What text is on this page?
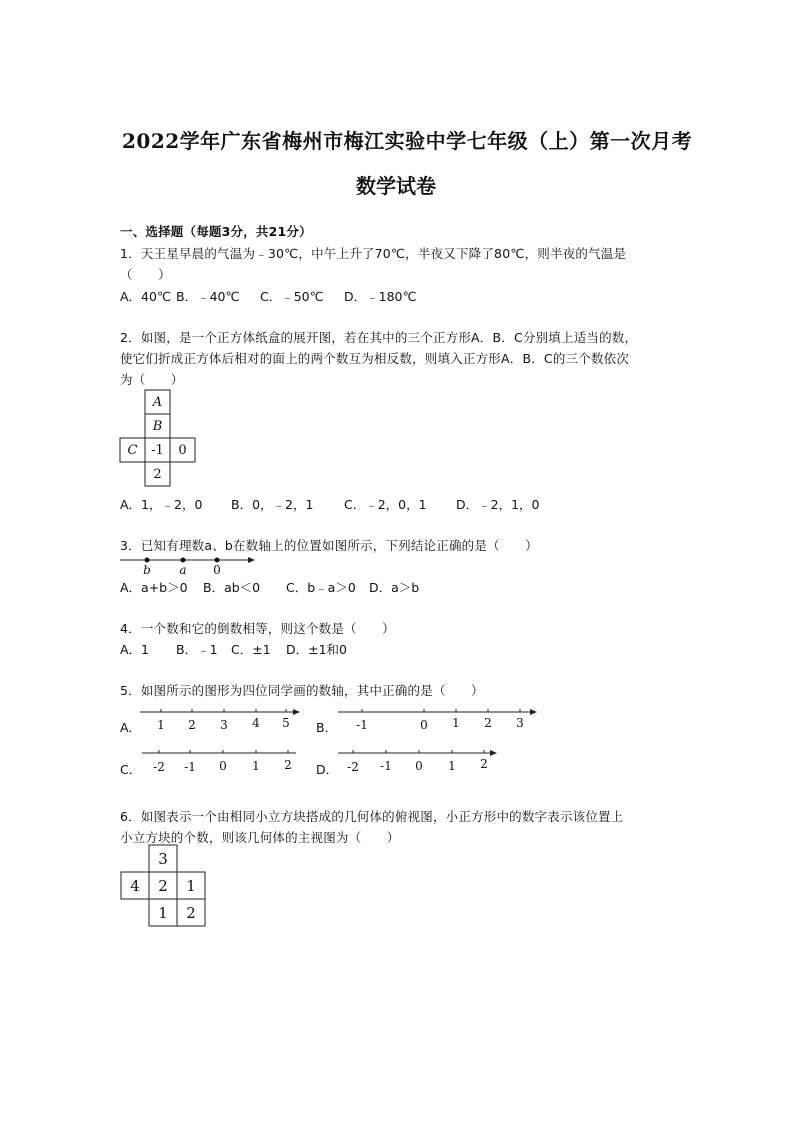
2022学年广东省梅州市梅江实验中学七年级（上）第一次月考
数学试卷
一、选择题（每题3分，共21分）
1．天王星早晨的气温为﹣30℃，中午上升了70℃，半夜又下降了80℃，则半夜的气温是
（　　）
A．40℃ B．﹣40℃ C．﹣50℃ D．﹣180℃
2．如图，是一个正方体纸盒的展开图，若在其中的三个正方形A．B．C分别填上适当的数，
使它们折成正方体后相对的面上的两个数互为相反数，则填入正方形A．B．C的三个数依次
为（　　）
A
B
C -1 0
2
A．1，﹣2，0 B．0，﹣2，1 C．﹣2，0，1 D．﹣2，1，0
3．已知有理数a、b在数轴上的位置如图所示，下列结论正确的是（　　）
b a 0
A．a+b＞0 B．ab＜0 C．b﹣a＞0 D．a＞b
4．一个数和它的倒数相等，则这个数是（　　）
A．1 B．﹣1 C．±1 D．±1和0
5．如图所示的图形为四位同学画的数轴，其中正确的是（　　）
A． 1 2 3 4 5 B． -1	0 1 2 3
C． -2 -1 0 1 2 D． -2 -1 0 1 2
6．如图表示一个由相同小立方块搭成的几何体的俯视图，小正方形中的数字表示该位置上
小立方块的个数，则该几何体的主视图为（　　）
3
4 2 1
1 2
